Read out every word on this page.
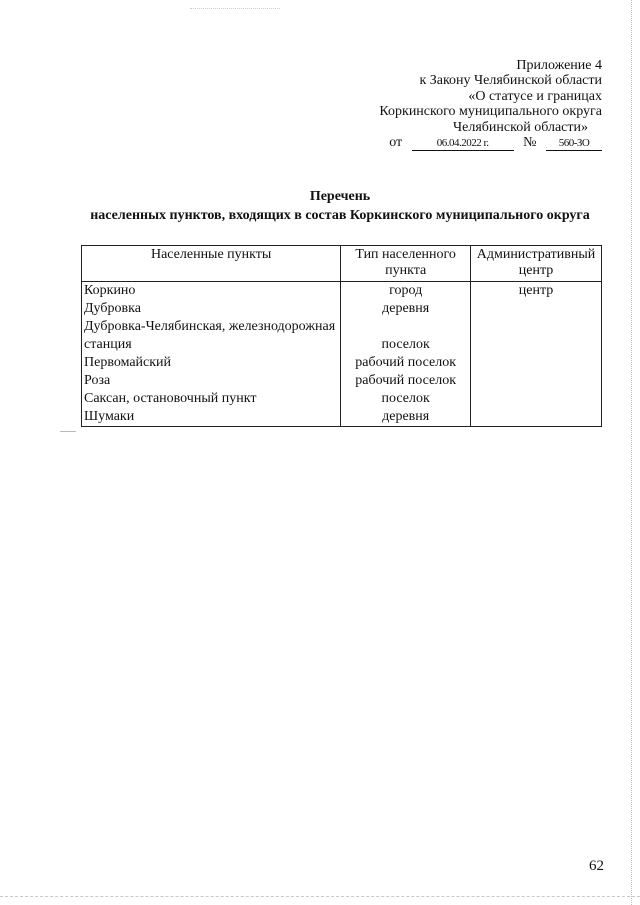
Приложение 4
к Закону Челябинской области
«О статусе и границах
Коркинского муниципального округа
Челябинской области»
от	06.04.2022 г. № 560-ЗО
Перечень
населенных пунктов, входящих в состав Коркинского муниципального округа
Населенные пункты	Тип населенного пункта	Административный центр
Коркино	город	центр
Дубровка	деревня	
Дубровка-Челябинская, железнодорожная станция	поселок	
Первомайский	рабочий поселок	
Роза	рабочий поселок	
Саксан, остановочный пункт	поселок	
Шумаки	деревня	
62
